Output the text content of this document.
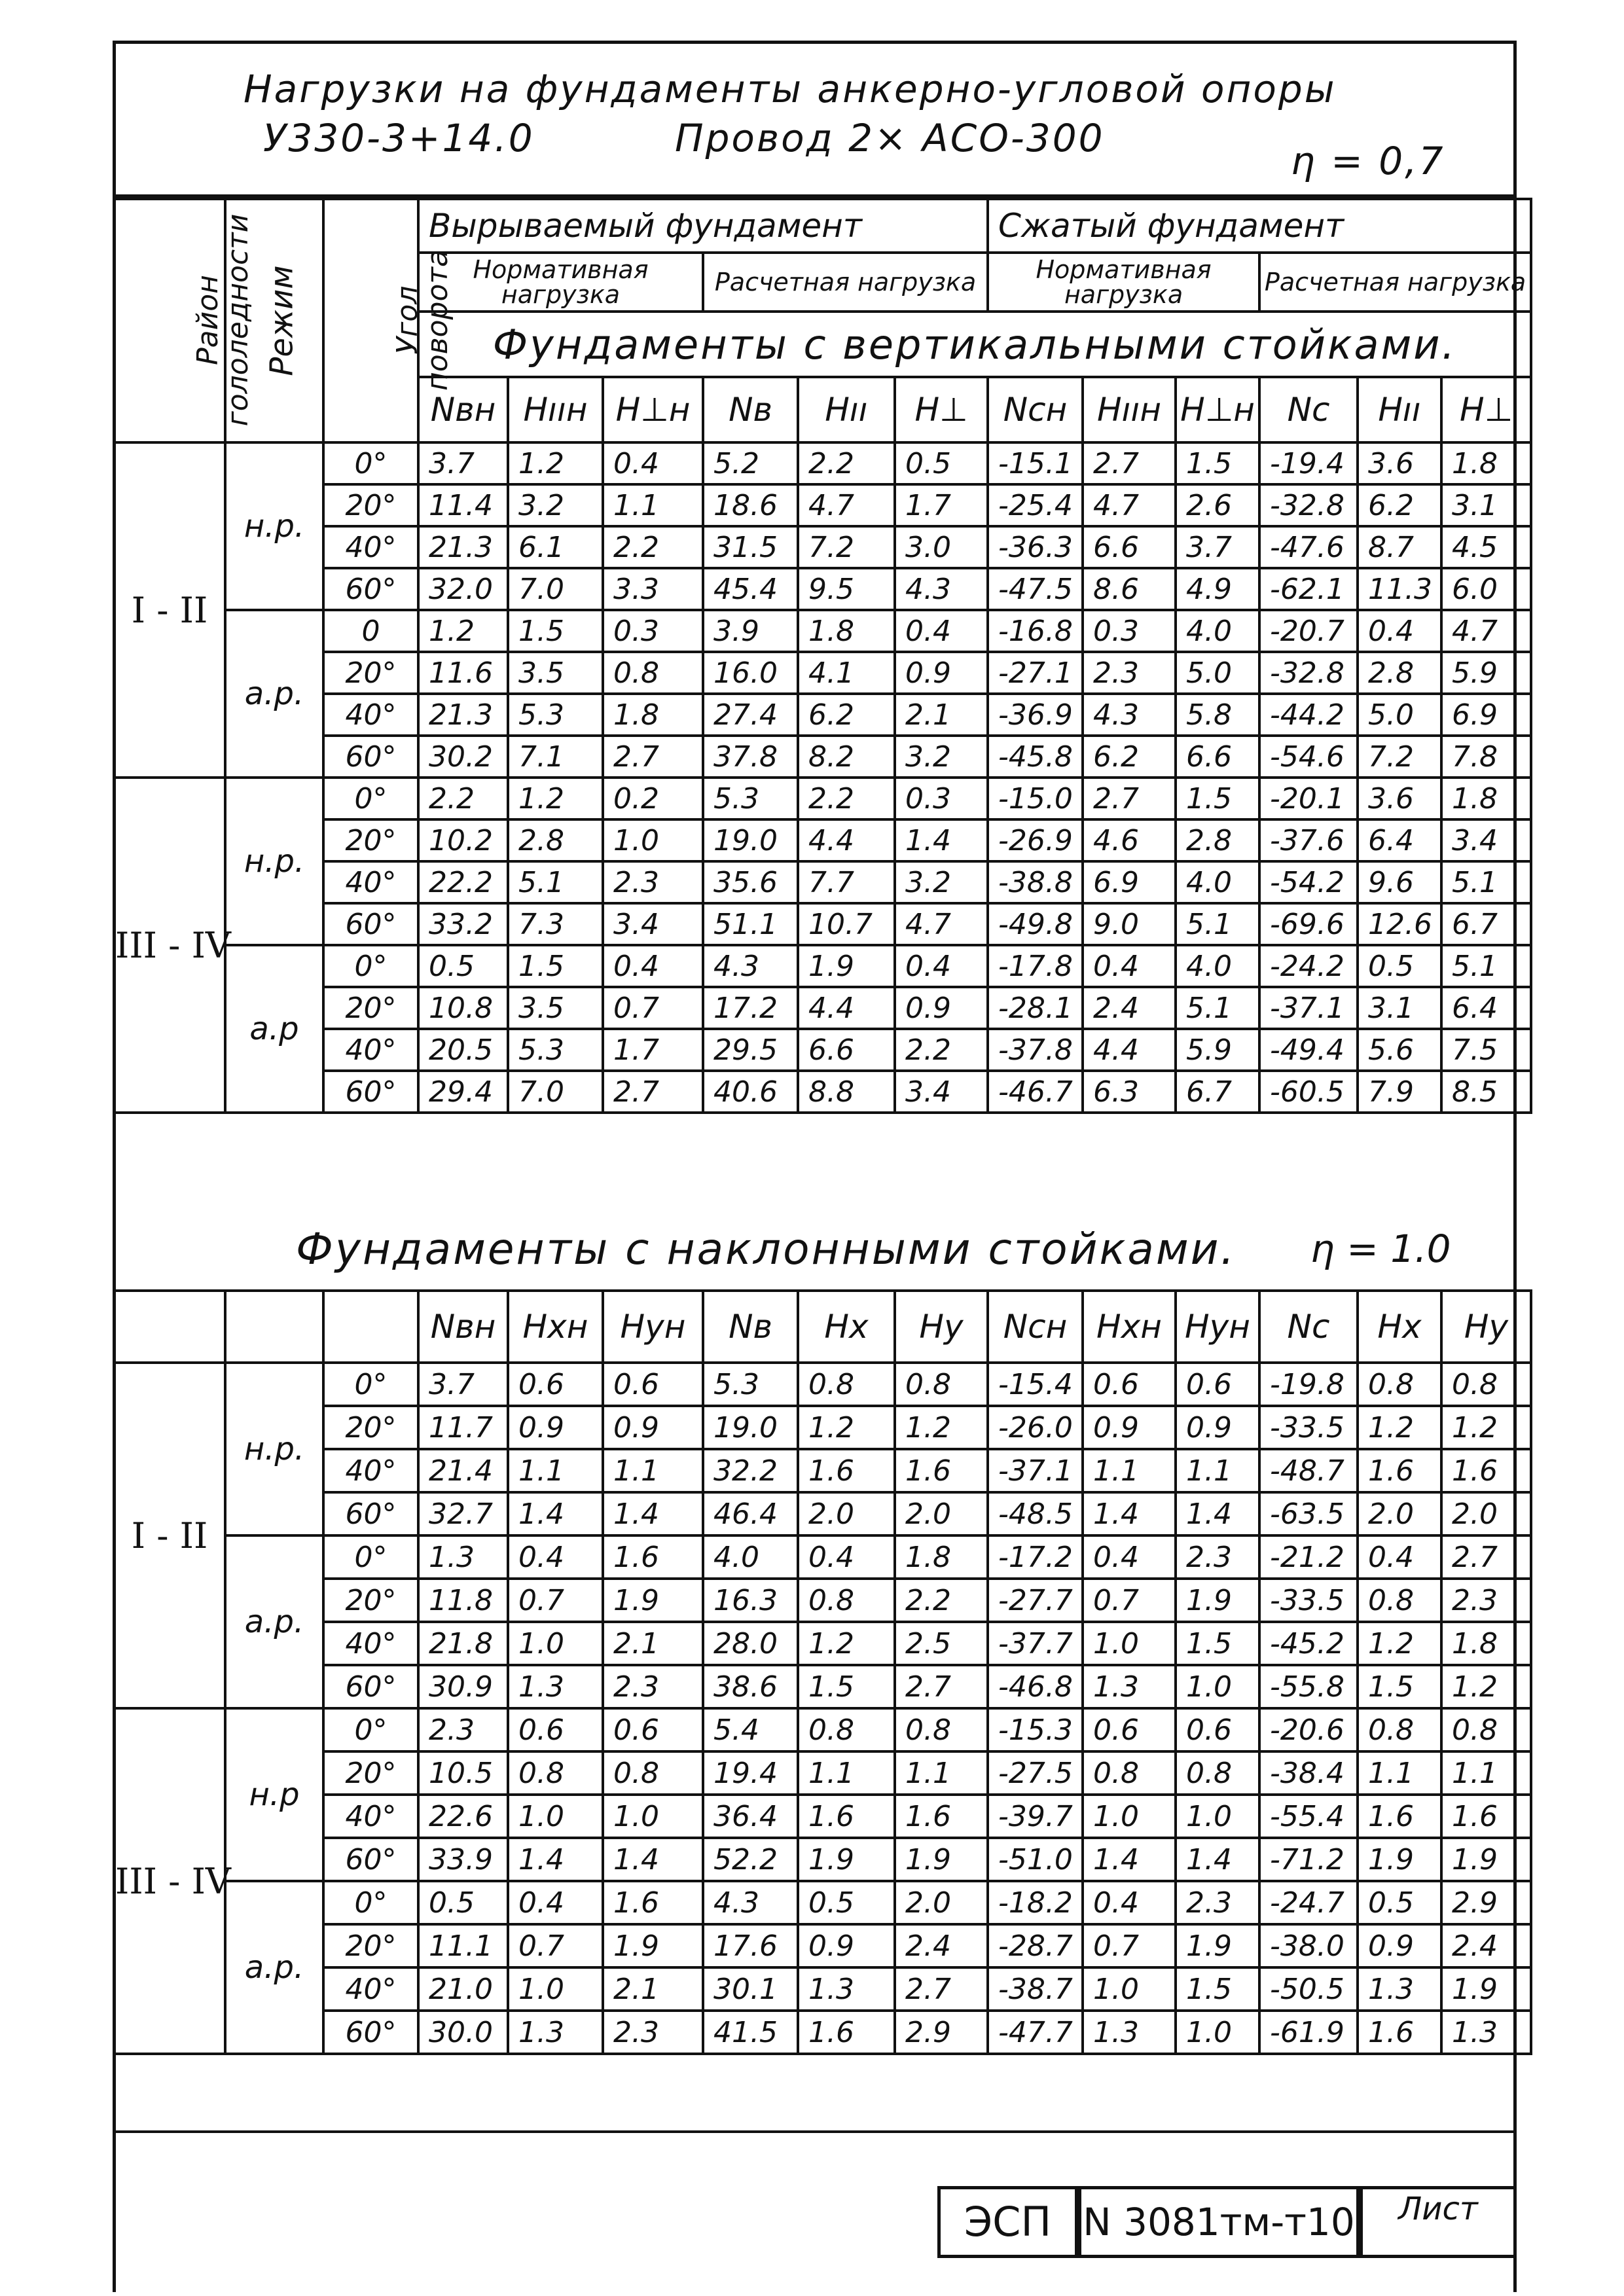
Нагрузки на фундаменты анкерно-угловой опоры
У330-3+14.0          Провод 2× АСО-300
η = 0,7
Район гололедности	Режим	Угол поворота	Вырываемый фундамент						Сжатый фундамент					
			Нормативная нагрузка			Расчетная нагрузка			Нормативная нагрузка			Расчетная нагрузка		
			Фундаменты с вертикальными стойками.											
			Nвн	Hııн	H⊥н	Nв	Hıı	H⊥	Nсн	Hııн	H⊥н	Nc	Hıı	H⊥
I - II	н.р.	0°	3.7	1.2	0.4	5.2	2.2	0.5	-15.1	2.7	1.5	-19.4	3.6	1.8
		20°	11.4	3.2	1.1	18.6	4.7	1.7	-25.4	4.7	2.6	-32.8	6.2	3.1
		40°	21.3	6.1	2.2	31.5	7.2	3.0	-36.3	6.6	3.7	-47.6	8.7	4.5
		60°	32.0	7.0	3.3	45.4	9.5	4.3	-47.5	8.6	4.9	-62.1	11.3	6.0
	а.р.	0	1.2	1.5	0.3	3.9	1.8	0.4	-16.8	0.3	4.0	-20.7	0.4	4.7
		20°	11.6	3.5	0.8	16.0	4.1	0.9	-27.1	2.3	5.0	-32.8	2.8	5.9
		40°	21.3	5.3	1.8	27.4	6.2	2.1	-36.9	4.3	5.8	-44.2	5.0	6.9
		60°	30.2	7.1	2.7	37.8	8.2	3.2	-45.8	6.2	6.6	-54.6	7.2	7.8
III - IV	н.р.	0°	2.2	1.2	0.2	5.3	2.2	0.3	-15.0	2.7	1.5	-20.1	3.6	1.8
		20°	10.2	2.8	1.0	19.0	4.4	1.4	-26.9	4.6	2.8	-37.6	6.4	3.4
		40°	22.2	5.1	2.3	35.6	7.7	3.2	-38.8	6.9	4.0	-54.2	9.6	5.1
		60°	33.2	7.3	3.4	51.1	10.7	4.7	-49.8	9.0	5.1	-69.6	12.6	6.7
	а.р	0°	0.5	1.5	0.4	4.3	1.9	0.4	-17.8	0.4	4.0	-24.2	0.5	5.1
		20°	10.8	3.5	0.7	17.2	4.4	0.9	-28.1	2.4	5.1	-37.1	3.1	6.4
		40°	20.5	5.3	1.7	29.5	6.6	2.2	-37.8	4.4	5.9	-49.4	5.6	7.5
		60°	29.4	7.0	2.7	40.6	8.8	3.4	-46.7	6.3	6.7	-60.5	7.9	8.5
Фундаменты с наклонными стойками. η = 1.0
			Nвн	Hxн	Hyн	Nв	Hx	Hy	Nсн	Hxн	Hyн	Nc	Hx	Hy
I - II	н.р.	0°	3.7	0.6	0.6	5.3	0.8	0.8	-15.4	0.6	0.6	-19.8	0.8	0.8
		20°	11.7	0.9	0.9	19.0	1.2	1.2	-26.0	0.9	0.9	-33.5	1.2	1.2
		40°	21.4	1.1	1.1	32.2	1.6	1.6	-37.1	1.1	1.1	-48.7	1.6	1.6
		60°	32.7	1.4	1.4	46.4	2.0	2.0	-48.5	1.4	1.4	-63.5	2.0	2.0
	а.р.	0°	1.3	0.4	1.6	4.0	0.4	1.8	-17.2	0.4	2.3	-21.2	0.4	2.7
		20°	11.8	0.7	1.9	16.3	0.8	2.2	-27.7	0.7	1.9	-33.5	0.8	2.3
		40°	21.8	1.0	2.1	28.0	1.2	2.5	-37.7	1.0	1.5	-45.2	1.2	1.8
		60°	30.9	1.3	2.3	38.6	1.5	2.7	-46.8	1.3	1.0	-55.8	1.5	1.2
III - IV	н.р	0°	2.3	0.6	0.6	5.4	0.8	0.8	-15.3	0.6	0.6	-20.6	0.8	0.8
		20°	10.5	0.8	0.8	19.4	1.1	1.1	-27.5	0.8	0.8	-38.4	1.1	1.1
		40°	22.6	1.0	1.0	36.4	1.6	1.6	-39.7	1.0	1.0	-55.4	1.6	1.6
		60°	33.9	1.4	1.4	52.2	1.9	1.9	-51.0	1.4	1.4	-71.2	1.9	1.9
	а.р.	0°	0.5	0.4	1.6	4.3	0.5	2.0	-18.2	0.4	2.3	-24.7	0.5	2.9
		20°	11.1	0.7	1.9	17.6	0.9	2.4	-28.7	0.7	1.9	-38.0	0.9	2.4
		40°	21.0	1.0	2.1	30.1	1.3	2.7	-38.7	1.0	1.5	-50.5	1.3	1.9
		60°	30.0	1.3	2.3	41.5	1.6	2.9	-47.7	1.3	1.0	-61.9	1.6	1.3
ЭСП N 3081тм-т10	Лист
